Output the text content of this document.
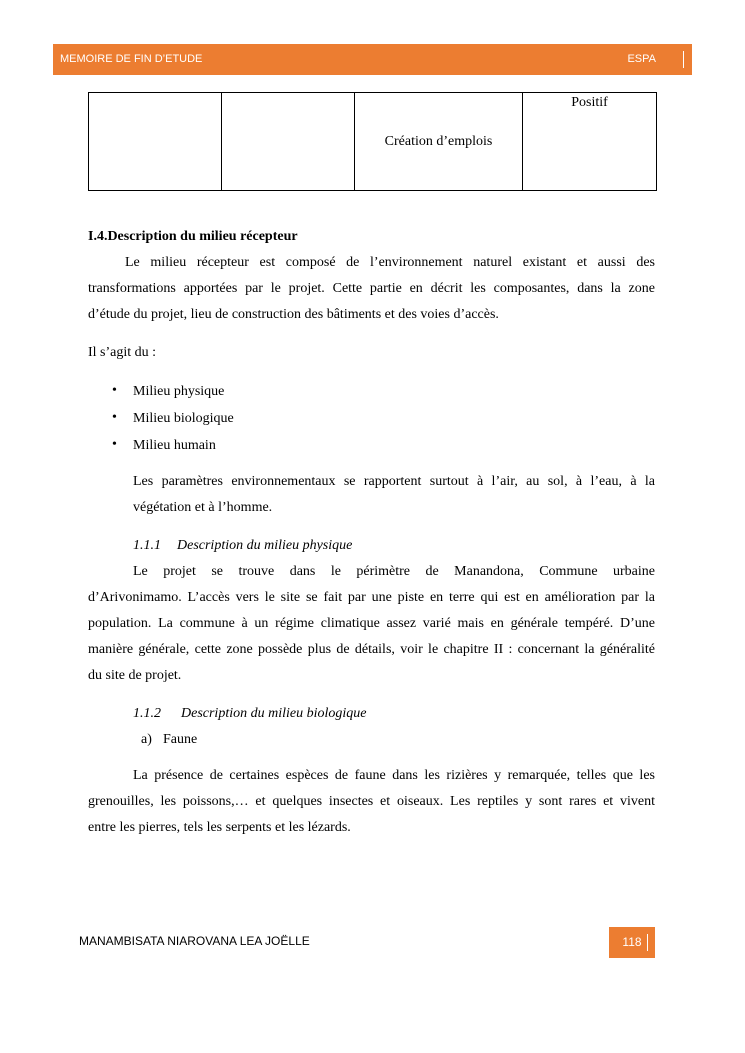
MEMOIRE DE FIN D’ETUDE	ESPA
		Création d’emplois	Positif
I.4.Description du milieu récepteur
Le milieu récepteur est composé de l’environnement naturel existant et aussi des
transformations apportées par le projet. Cette partie en décrit les composantes, dans la zone
d’étude du projet, lieu de construction des bâtiments et des voies d’accès.
Il s’agit du :
• Milieu physique
• Milieu biologique
• Milieu humain
Les paramètres environnementaux se rapportent surtout à l’air, au sol, à l’eau, à la
végétation et à l’homme.
1.1.1 Description du milieu physique
Le projet se trouve dans le périmètre de Manandona, Commune urbaine
d’Arivonimamo. L’accès vers le site se fait par une piste en terre qui est en amélioration par la
population. La commune à un régime climatique assez varié mais en générale tempéré. D’une
manière générale, cette zone possède plus de détails, voir le chapitre II : concernant la généralité
du site de projet.
1.1.2 Description du milieu biologique
a) Faune
La présence de certaines espèces de faune dans les rizières y remarquée, telles que les
grenouilles, les poissons,… et quelques insectes et oiseaux. Les reptiles y sont rares et vivent
entre les pierres, tels les serpents et les lézards.
MANAMBISATA NIAROVANA LEA JOËLLE	118
